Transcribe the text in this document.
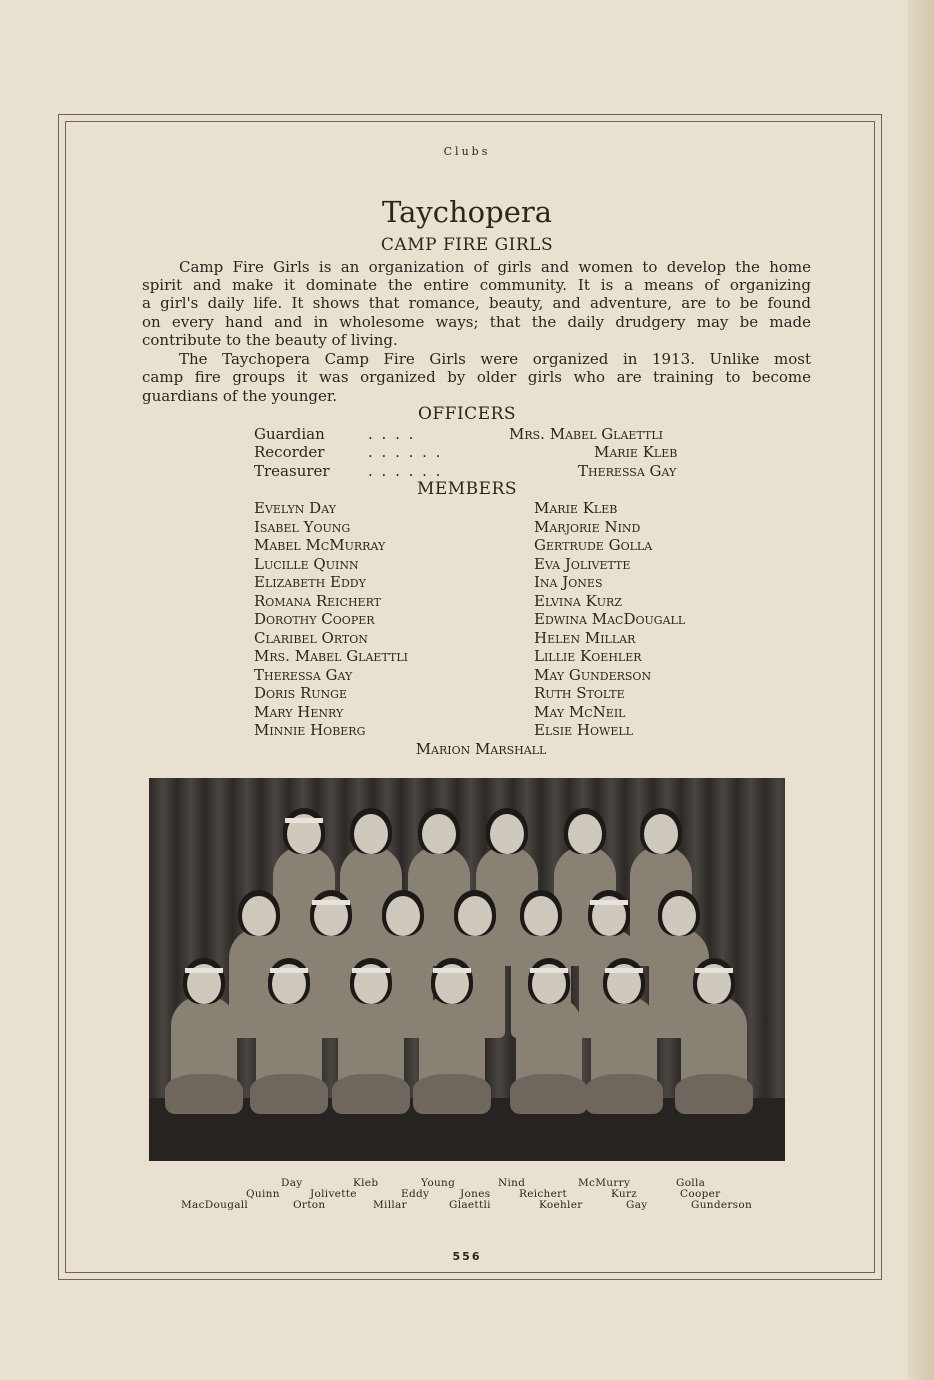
Clubs
Taychopera
CAMP FIRE GIRLS
Camp Fire Girls is an organization of girls and women to develop the home
spirit and make it dominate the entire community. It is a means of organizing
a girl's daily life. It shows that romance, beauty, and adventure, are to be found
on every hand and in wholesome ways; that the daily drudgery may be made
contribute to the beauty of living.
The Taychopera Camp Fire Girls were organized in 1913. Unlike most
camp fire groups it was organized by older girls who are training to become
guardians of the younger.
OFFICERS
Guardian	. . . .	Mrs. Mabel Glaettli
Recorder	. . . . . .	Marie Kleb
Treasurer	. . . . . .	Theressa Gay
MEMBERS
Evelyn Day
Isabel Young
Mabel McMurray
Lucille Quinn
Elizabeth Eddy
Romana Reichert
Dorothy Cooper
Claribel Orton
Mrs. Mabel Glaettli
Theressa Gay
Doris Runge
Mary Henry
Minnie Hoberg
Marie Kleb
Marjorie Nind
Gertrude Golla
Eva Jolivette
Ina Jones
Elvina Kurz
Edwina MacDougall
Helen Millar
Lillie Koehler
May Gunderson
Ruth Stolte
May McNeil
Elsie Howell
Marion Marshall
Day	Kleb	Young	Nind	McMurry	Golla
Quinn	Jolivette	Eddy	Jones	Reichert	Kurz	Cooper
MacDougall	Orton	Millar	Glaettli	Koehler	Gay	Gunderson
556
